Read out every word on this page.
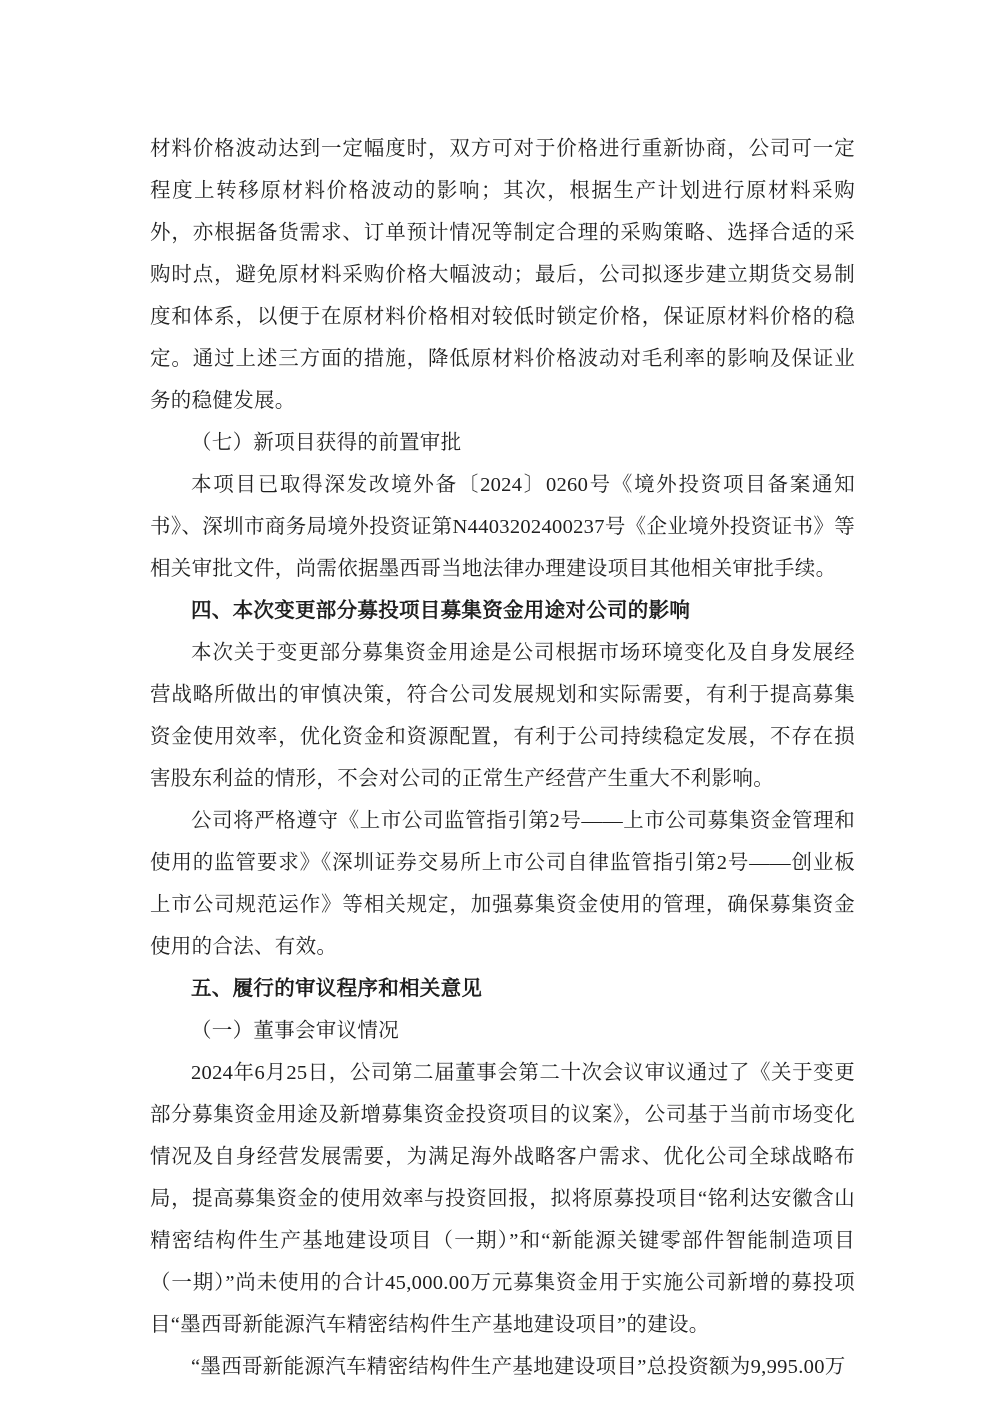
材料价格波动达到一定幅度时，双方可对于价格进行重新协商，公司可一定程度上转移原材料价格波动的影响；其次，根据生产计划进行原材料采购外，亦根据备货需求、订单预计情况等制定合理的采购策略、选择合适的采购时点，避免原材料采购价格大幅波动；最后，公司拟逐步建立期货交易制度和体系，以便于在原材料价格相对较低时锁定价格，保证原材料价格的稳定。通过上述三方面的措施，降低原材料价格波动对毛利率的影响及保证业务的稳健发展。

（七）新项目获得的前置审批

本项目已取得深发改境外备〔2024〕0260号《境外投资项目备案通知书》、深圳市商务局境外投资证第N4403202400237号《企业境外投资证书》等相关审批文件，尚需依据墨西哥当地法律办理建设项目其他相关审批手续。

四、本次变更部分募投项目募集资金用途对公司的影响

本次关于变更部分募集资金用途是公司根据市场环境变化及自身发展经营战略所做出的审慎决策，符合公司发展规划和实际需要，有利于提高募集资金使用效率，优化资金和资源配置，有利于公司持续稳定发展，不存在损害股东利益的情形，不会对公司的正常生产经营产生重大不利影响。

公司将严格遵守《上市公司监管指引第2号——上市公司募集资金管理和使用的监管要求》《深圳证券交易所上市公司自律监管指引第2号——创业板上市公司规范运作》等相关规定，加强募集资金使用的管理，确保募集资金使用的合法、有效。

五、履行的审议程序和相关意见

（一）董事会审议情况

2024年6月25日，公司第二届董事会第二十次会议审议通过了《关于变更部分募集资金用途及新增募集资金投资项目的议案》，公司基于当前市场变化情况及自身经营发展需要，为满足海外战略客户需求、优化公司全球战略布局，提高募集资金的使用效率与投资回报，拟将原募投项目“铭利达安徽含山精密结构件生产基地建设项目（一期）”和“新能源关键零部件智能制造项目（一期）”尚未使用的合计45,000.00万元募集资金用于实施公司新增的募投项目“墨西哥新能源汽车精密结构件生产基地建设项目”的建设。

“墨西哥新能源汽车精密结构件生产基地建设项目”总投资额为9,995.00万
